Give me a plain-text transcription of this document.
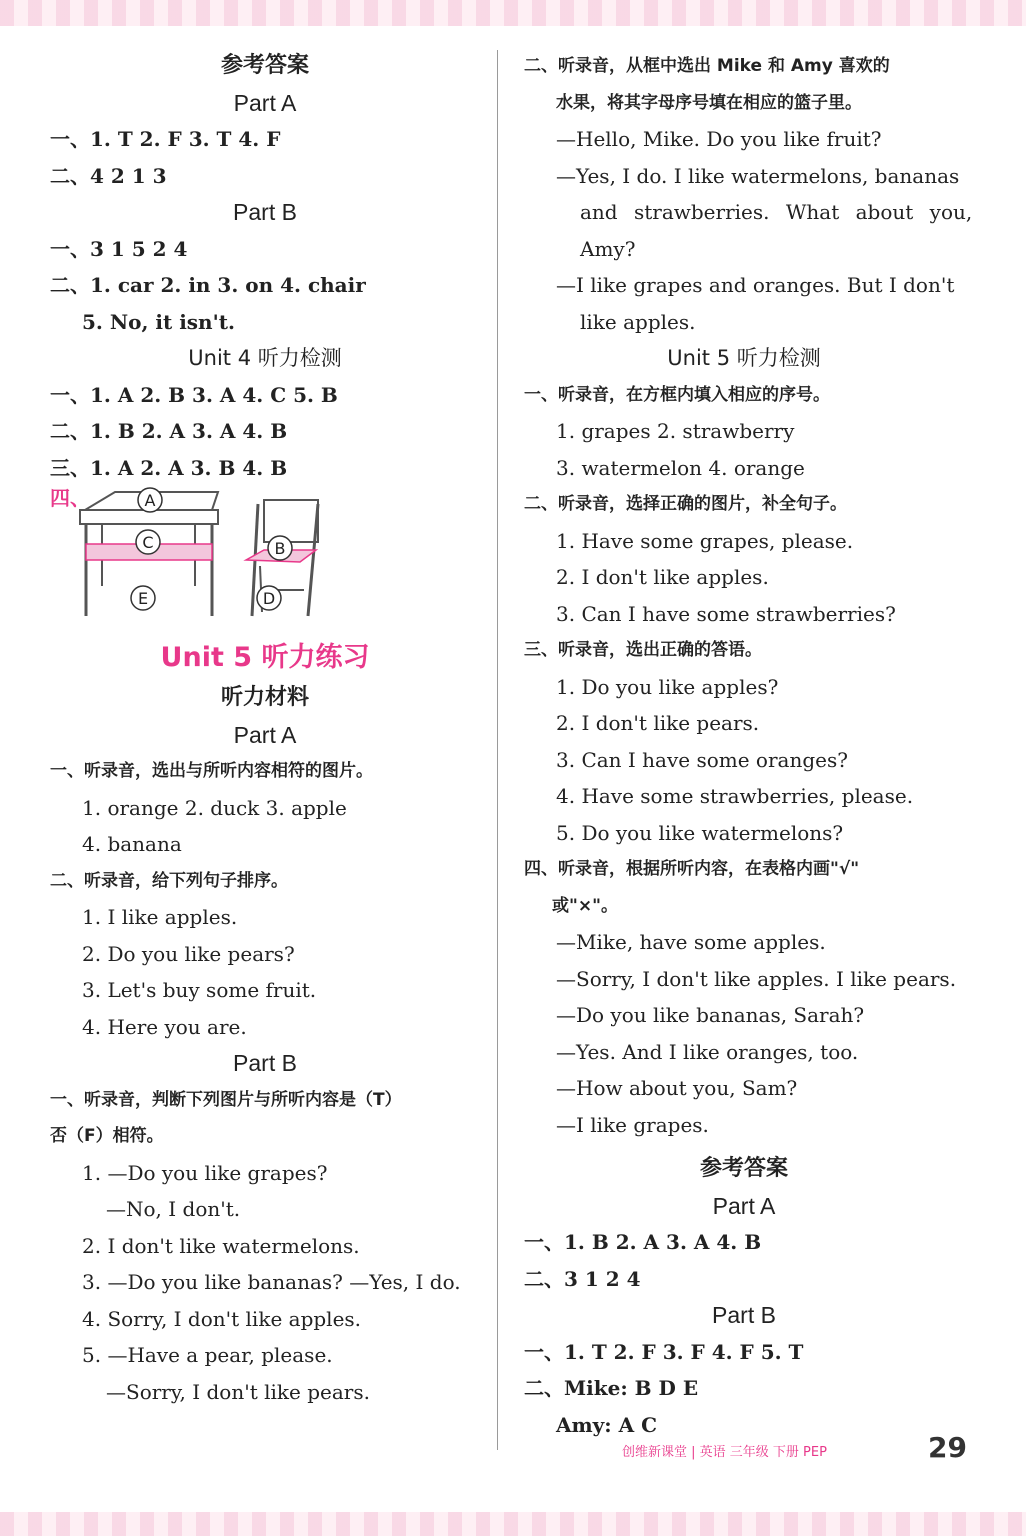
参考答案
Part A
一、1. T 2. F 3. T 4. F
二、4 2 1 3
Part B
一、3 1 5 2 4
二、1. car 2. in 3. on 4. chair
5. No, it isn't.
Unit 4 听力检测
一、1. A 2. B 3. A 4. C 5. B
二、1. B 2. A 3. A 4. B
三、1. A 2. A 3. B 4. B
四、	A
C
E
B
D
Unit 5 听力练习
听力材料
Part A
一、听录音，选出与所听内容相符的图片。
1. orange 2. duck 3. apple
4. banana
二、听录音，给下列句子排序。
1. I like apples.
2. Do you like pears?
3. Let's buy some fruit.
4. Here you are.
Part B
一、听录音，判断下列图片与所听内容是（T）
否（F）相符。
1. —Do you like grapes?
—No, I don't.
2. I don't like watermelons.
3. —Do you like bananas? —Yes, I do.
4. Sorry, I don't like apples.
5. —Have a pear, please.
—Sorry, I don't like pears.
二、听录音，从框中选出 Mike 和 Amy 喜欢的
水果，将其字母序号填在相应的篮子里。
—Hello, Mike. Do you like fruit?
—Yes, I do. I like watermelons, bananas
and strawberries. What about you,
Amy?
—I like grapes and oranges. But I don't
like apples.
Unit 5 听力检测
一、听录音，在方框内填入相应的序号。
1. grapes 2. strawberry
3. watermelon 4. orange
二、听录音，选择正确的图片，补全句子。
1. Have some grapes, please.
2. I don't like apples.
3. Can I have some strawberries?
三、听录音，选出正确的答语。
1. Do you like apples?
2. I don't like pears.
3. Can I have some oranges?
4. Have some strawberries, please.
5. Do you like watermelons?
四、听录音，根据所听内容，在表格内画"√"
或"×"。
—Mike, have some apples.
—Sorry, I don't like apples. I like pears.
—Do you like bananas, Sarah?
—Yes. And I like oranges, too.
—How about you, Sam?
—I like grapes.
参考答案
Part A
一、1. B 2. A 3. A 4. B
二、3 1 2 4
Part B
一、1. T 2. F 3. F 4. F 5. T
二、Mike: B D E
Amy: A C
创维新课堂 | 英语 三年级 下册 PEP	29
